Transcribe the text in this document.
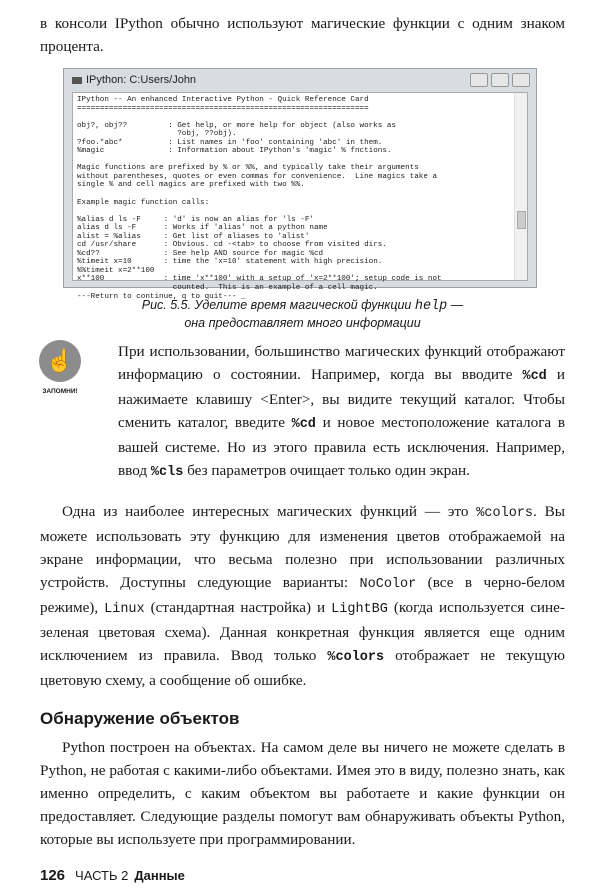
в консоли IPython обычно используют магические функции с одним знаком процента.
IPython: C:Users/John
IPython -- An enhanced Interactive Python - Quick Reference Card
================================================================

obj?, obj??         : Get help, or more help for object (also works as
?obj, ??obj).
?foo.*abc*          : List names in 'foo' containing 'abc' in them.
%magic              : Information about IPython's 'magic' % fnctions.

Magic functions are prefixed by % or %%, and typically take their arguments
without parentheses, quotes or even commas for convenience.  Line magics take a
single % and cell magics are prefixed with two %%.

Example magic function calls:

%alias d ls -F     : 'd' is now an alias for 'ls -F'
alias d ls -F      : Works if 'alias' not a python name
alist = %alias     : Get list of aliases to 'alist'
cd /usr/share      : Obvious. cd -<tab> to choose from visited dirs.
%cd??              : See help AND source for magic %cd
%timeit x=10       : time the 'x=10' statement with high precision.
%%timeit x=2**100
x**100             : time 'x**100' with a setup of 'x=2**100'; setup code is not
counted.  This is an example of a cell magic.
---Return to continue, q to quit--- _
Рис. 5.5. Уделите время магической функции help —
она предоставляет много информации
☝
ЗАПОМНИ!
При использовании, большинство магических функций отображают информацию о состоянии. Например, когда вы вводите %cd и нажимаете клавишу <Enter>, вы видите текущий каталог. Чтобы сменить каталог, введите %cd и новое местоположение каталога в вашей системе. Но из этого правила есть исключения. Например, ввод %cls без параметров очищает только один экран.
Одна из наиболее интересных магических функций — это %colors. Вы можете использовать эту функцию для изменения цветов отображаемой на экране информации, что весьма полезно при использовании различных устройств. Доступны следующие варианты: NoColor (все в черно-белом режиме), Linux (стандартная настройка) и LightBG (когда используется сине-зеленая цветовая схема). Данная конкретная функция является еще одним исключением из правила. Ввод только %colors отображает не текущую цветовую схему, а сообщение об ошибке.
Обнаружение объектов
Python построен на объектах. На самом деле вы ничего не можете сделать в Python, не работая с какими-либо объектами. Имея это в виду, полезно знать, как именно определить, с каким объектом вы работаете и какие функции он предоставляет. Следующие разделы помогут вам обнаруживать объекты Python, которые вы используете при программировании.
126 ЧАСТЬ 2 Данные
